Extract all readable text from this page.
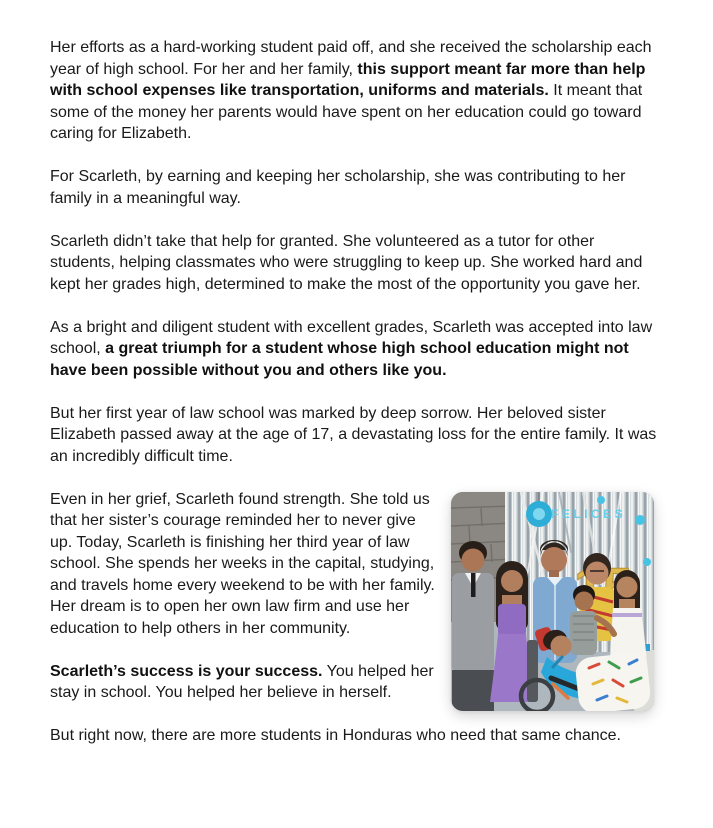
Her efforts as a hard-working student paid off, and she received the scholarship each year of high school. For her and her family, this support meant far more than help with school expenses like transportation, uniforms and materials. It meant that some of the money her parents would have spent on her education could go toward caring for Elizabeth.

For Scarleth, by earning and keeping her scholarship, she was contributing to her family in a meaningful way.

Scarleth didn’t take that help for granted. She volunteered as a tutor for other students, helping classmates who were struggling to keep up. She worked hard and kept her grades high, determined to make the most of the opportunity you gave her.

As a bright and diligent student with excellent grades, Scarleth was accepted into law school, a great triumph for a student whose high school education might not have been possible without you and others like you.

But her first year of law school was marked by deep sorrow. Her beloved sister Elizabeth passed away at the age of 17, a devastating loss for the entire family. It was an incredibly difficult time.

FELICES

Even in her grief, Scarleth found strength. She told us that her sister’s courage reminded her to never give up. Today, Scarleth is finishing her third year of law school. She spends her weeks in the capital, studying, and travels home every weekend to be with her family. Her dream is to open her own law firm and use her education to help others in her community.

Scarleth’s success is your success. You helped her stay in school. You helped her believe in herself.

But right now, there are more students in Honduras who need that same chance.
